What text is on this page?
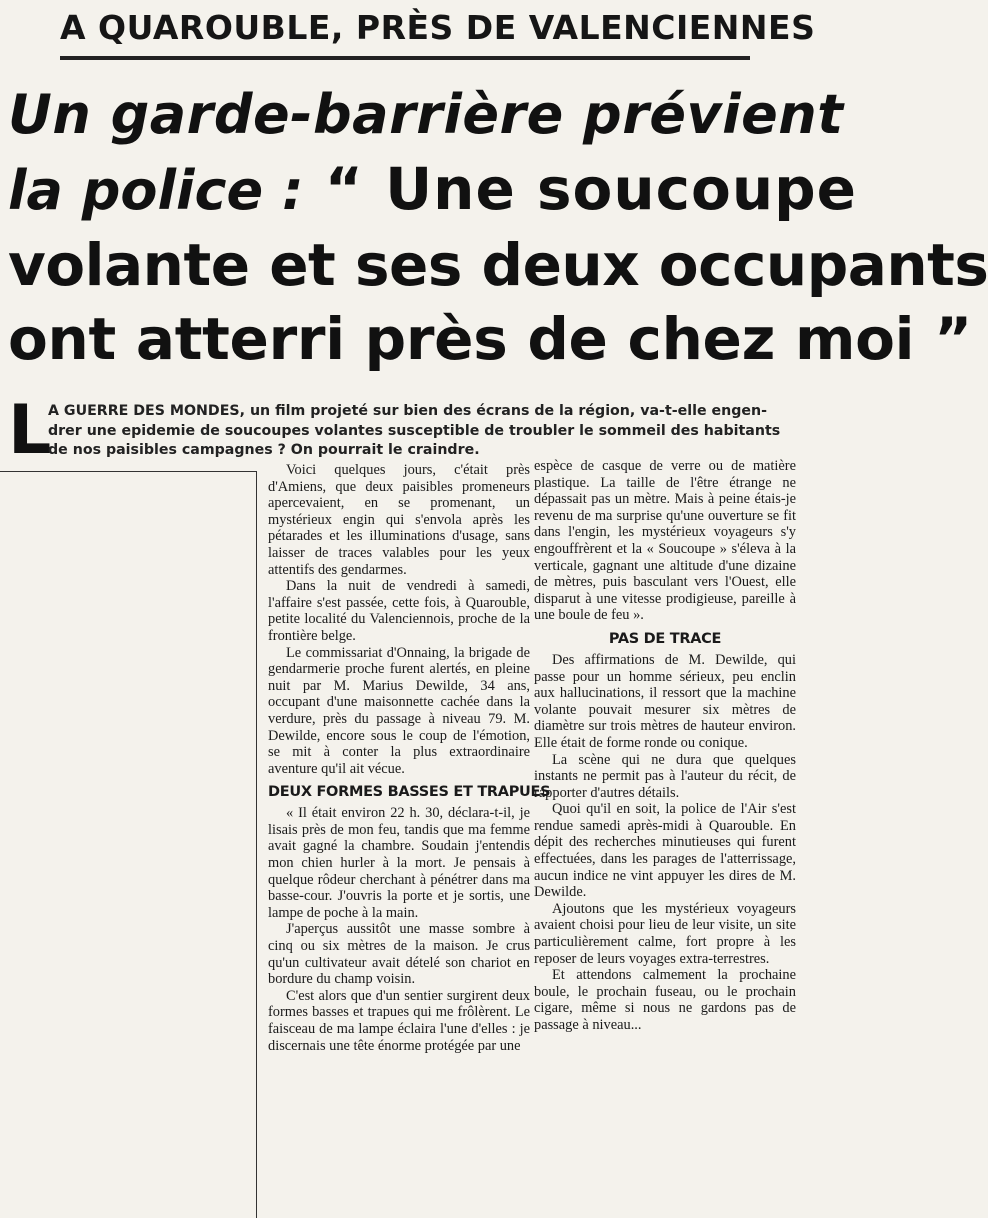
A QUAROUBLE, PRÈS DE VALENCIENNES
Un garde-barrière prévient
la police : “ Une soucoupe
volante et ses deux occupants
ont atterri près de chez moi ”
L
A GUERRE DES MONDES, un film projeté sur bien des écrans de la région, va-t-elle engen-
drer une epidemie de soucoupes volantes susceptible de troubler le sommeil des habitants
de nos paisibles campagnes ? On pourrait le craindre.

Voici quelques jours, c'était près d'Amiens, que deux paisibles promeneurs apercevaient, en se promenant, un mystérieux engin qui s'envola après les pétarades et les illuminations d'usage, sans laisser de traces valables pour les yeux attentifs des gendarmes.

Dans la nuit de vendredi à samedi, l'affaire s'est passée, cette fois, à Quarouble, petite localité du Valenciennois, proche de la frontière belge.

Le commissariat d'Onnaing, la brigade de gendarmerie proche furent alertés, en pleine nuit par M. Marius Dewilde, 34 ans, occupant d'une maisonnette cachée dans la verdure, près du passage à niveau 79. M. Dewilde, encore sous le coup de l'émotion, se mit à conter la plus extraordinaire aventure qu'il ait vécue.

DEUX FORMES BASSES ET TRAPUES

« Il était environ 22 h. 30, déclara-t-il, je lisais près de mon feu, tandis que ma femme avait gagné la chambre. Soudain j'entendis mon chien hurler à la mort. Je pensais à quelque rôdeur cherchant à pénétrer dans ma basse-cour. J'ouvris la porte et je sortis, une lampe de poche à la main.

J'aperçus aussitôt une masse sombre à cinq ou six mètres de la maison. Je crus qu'un cultivateur avait dételé son chariot en bordure du champ voisin.

C'est alors que d'un sentier surgirent deux formes basses et trapues qui me frôlèrent. Le faisceau de ma lampe éclaira l'une d'elles : je discernais une tête énorme protégée par une

espèce de casque de verre ou de matière plastique. La taille de l'être étrange ne dépassait pas un mètre. Mais à peine étais-je revenu de ma surprise qu'une ouverture se fit dans l'engin, les mystérieux voyageurs s'y engouffrèrent et la « Soucoupe » s'éleva à la verticale, gagnant une altitude d'une dizaine de mètres, puis basculant vers l'Ouest, elle disparut à une vitesse prodigieuse, pareille à une boule de feu ».

PAS DE TRACE

Des affirmations de M. Dewilde, qui passe pour un homme sérieux, peu enclin aux hallucinations, il ressort que la machine volante pouvait mesurer six mètres de diamètre sur trois mètres de hauteur environ. Elle était de forme ronde ou conique.

La scène qui ne dura que quelques instants ne permit pas à l'auteur du récit, de rapporter d'autres détails.

Quoi qu'il en soit, la police de l'Air s'est rendue samedi après-midi à Quarouble. En dépit des recherches minutieuses qui furent effectuées, dans les parages de l'atterrissage, aucun indice ne vint appuyer les dires de M. Dewilde.

Ajoutons que les mystérieux voyageurs avaient choisi pour lieu de leur visite, un site particulièrement calme, fort propre à les reposer de leurs voyages extra-terrestres.

Et attendons calmement la prochaine boule, le prochain fuseau, ou le prochain cigare, même si nous ne gardons pas de passage à niveau...
